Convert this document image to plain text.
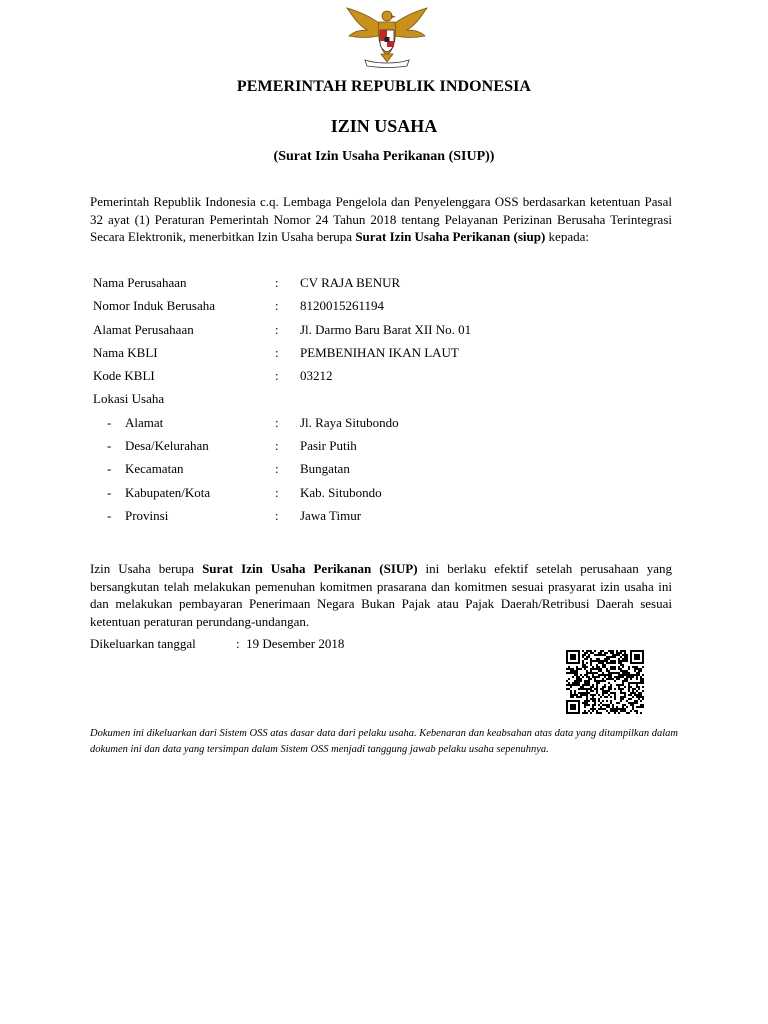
PEMERINTAH REPUBLIK INDONESIA
IZIN USAHA
(Surat Izin Usaha Perikanan (SIUP))
Pemerintah Republik Indonesia c.q. Lembaga Pengelola dan Penyelenggara OSS berdasarkan ketentuan Pasal 32 ayat (1) Peraturan Pemerintah Nomor 24 Tahun 2018 tentang Pelayanan Perizinan Berusaha Terintegrasi Secara Elektronik, menerbitkan Izin Usaha berupa Surat Izin Usaha Perikanan (siup) kepada:
Nama Perusahaan	: CV RAJA BENUR
Nomor Induk Berusaha	: 8120015261194
Alamat Perusahaan	: Jl. Darmo Baru Barat XII No. 01
Nama KBLI	: PEMBENIHAN IKAN LAUT
Kode KBLI	: 03212
Lokasi Usaha
- Alamat	: Jl. Raya Situbondo
- Desa/Kelurahan	: Pasir Putih
- Kecamatan	: Bungatan
- Kabupaten/Kota	: Kab. Situbondo
- Provinsi	: Jawa Timur
Izin Usaha berupa Surat Izin Usaha Perikanan (SIUP) ini berlaku efektif setelah perusahaan yang bersangkutan telah melakukan pemenuhan komitmen prasarana dan komitmen sesuai prasyarat izin usaha ini dan melakukan pembayaran Penerimaan Negara Bukan Pajak atau Pajak Daerah/Retribusi Daerah sesuai ketentuan peraturan perundang-undangan.
Dikeluarkan tanggal	: 19 Desember 2018
Dokumen ini dikeluarkan dari Sistem OSS atas dasar data dari pelaku usaha. Kebenaran dan keabsahan atas data yang ditampilkan dalam dokumen ini dan data yang tersimpan dalam Sistem OSS menjadi tanggung jawab pelaku usaha sepenuhnya.
